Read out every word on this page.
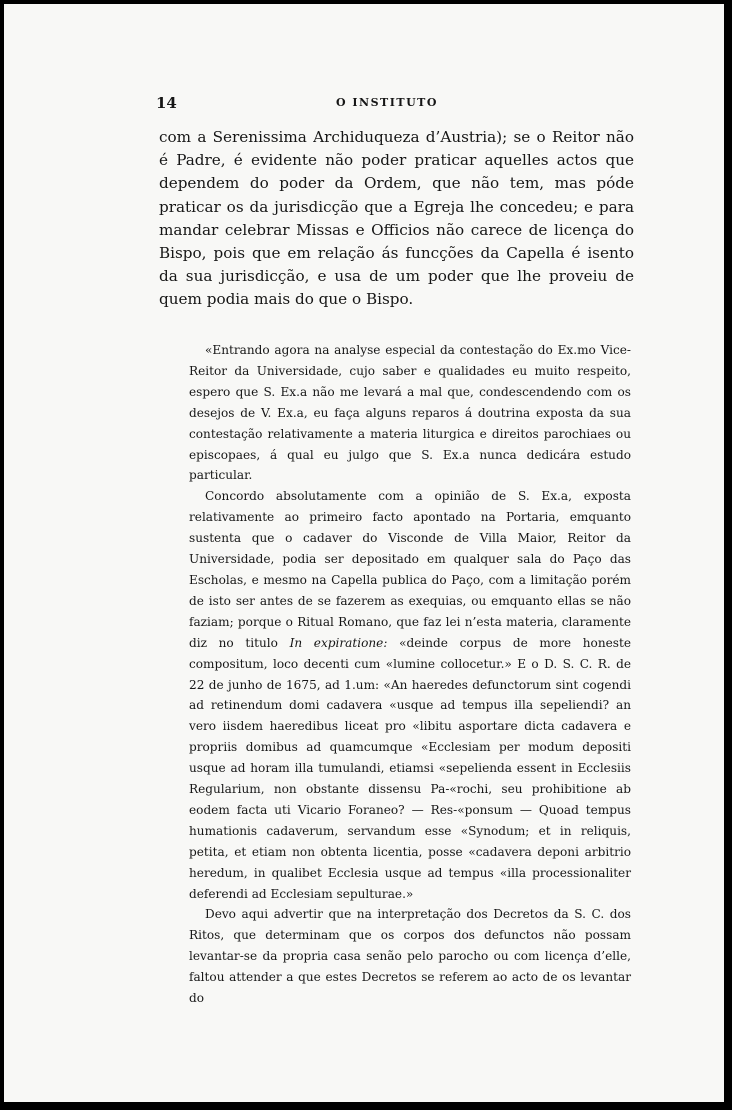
14	O INSTITUTO

com a Serenissima Archiduqueza d’Austria); se o Reitor não é Padre, é evidente não poder praticar aquelles actos que dependem do poder da Ordem, que não tem, mas póde praticar os da jurisdicção que a Egreja lhe concedeu; e para mandar celebrar Missas e Officios não carece de licença do Bispo, pois que em relação ás funcções da Capella é isento da sua jurisdicção, e usa de um poder que lhe proveiu de quem podia mais do que o Bispo.

«Entrando agora na analyse especial da contestação do Ex.mo Vice-Reitor da Universidade, cujo saber e qualidades eu muito respeito, espero que S. Ex.a não me levará a mal que, condescendendo com os desejos de V. Ex.a, eu faça alguns reparos á doutrina exposta da sua contestação relativamente a materia liturgica e direitos parochiaes ou episcopaes, á qual eu julgo que S. Ex.a nunca dedicára estudo particular.

Concordo absolutamente com a opinião de S. Ex.a, exposta relativamente ao primeiro facto apontado na Portaria, emquanto sustenta que o cadaver do Visconde de Villa Maior, Reitor da Universidade, podia ser depositado em qualquer sala do Paço das Escholas, e mesmo na Capella publica do Paço, com a limitação porém de isto ser antes de se fazerem as exequias, ou emquanto ellas se não faziam; porque o Ritual Romano, que faz lei n’esta materia, claramente diz no titulo In expiratione: «deinde corpus de more honeste compositum, loco decenti cum «lumine collocetur.» E o D. S. C. R. de 22 de junho de 1675, ad 1.um: «An haeredes defunctorum sint cogendi ad retinendum domi cadavera «usque ad tempus illa sepeliendi? an vero iisdem haeredibus liceat pro «libitu asportare dicta cadavera e propriis domibus ad quamcumque «Ecclesiam per modum depositi usque ad horam illa tumulandi, etiamsi «sepelienda essent in Ecclesiis Regularium, non obstante dissensu Pa-«rochi, seu prohibitione ab eodem facta uti Vicario Foraneo? — Res-«ponsum — Quoad tempus humationis cadaverum, servandum esse «Synodum; et in reliquis, petita, et etiam non obtenta licentia, posse «cadavera deponi arbitrio heredum, in qualibet Ecclesia usque ad tempus «illa processionaliter deferendi ad Ecclesiam sepulturae.»

Devo aqui advertir que na interpretação dos Decretos da S. C. dos Ritos, que determinam que os corpos dos defunctos não possam levantar-se da propria casa senão pelo parocho ou com licença d’elle, faltou attender a que estes Decretos se referem ao acto de os levantar do
